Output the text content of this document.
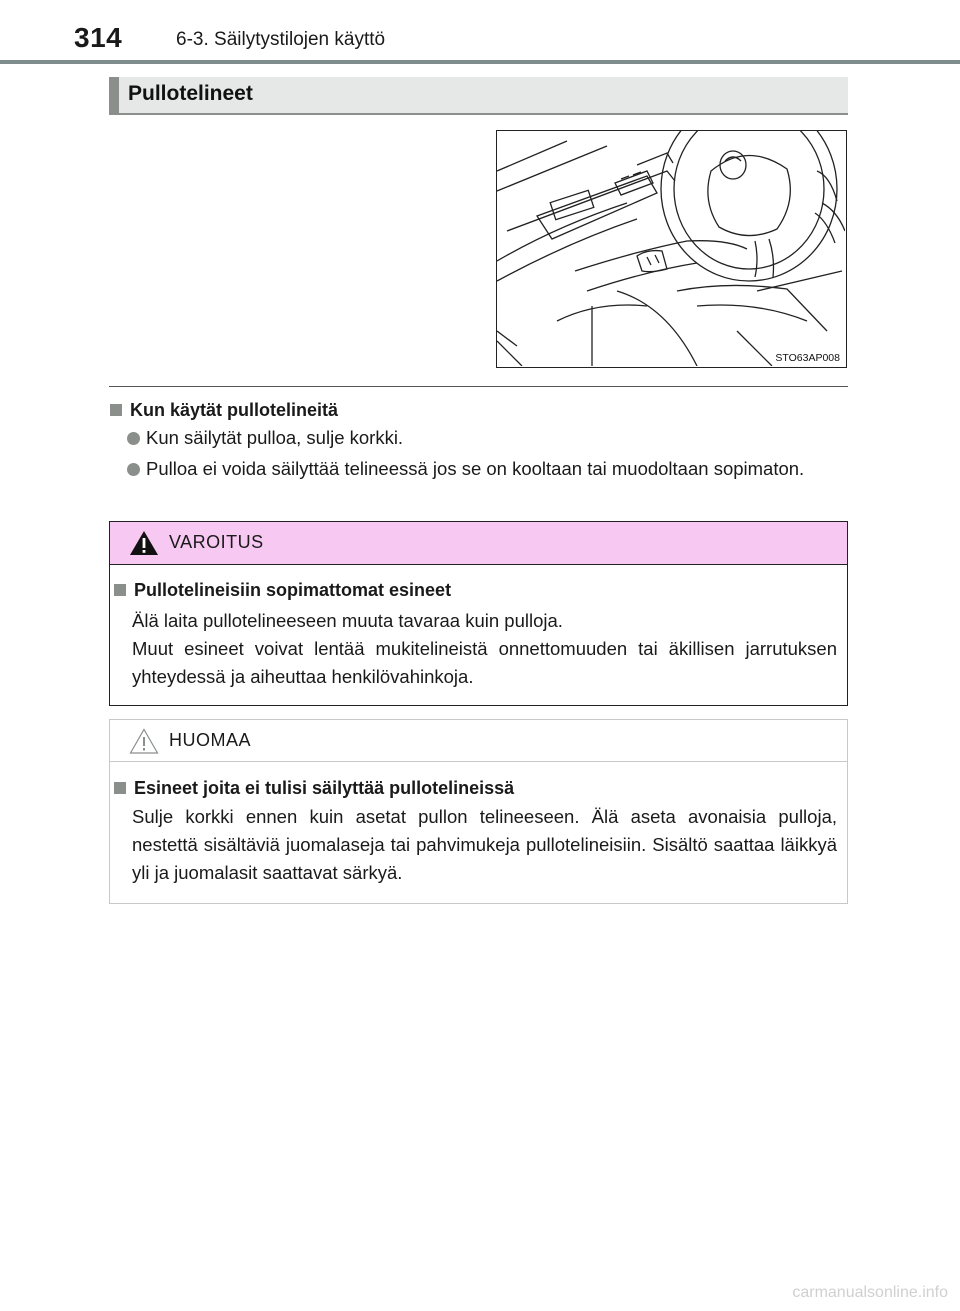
314	6-3. Säilytystilojen käyttö
Pullotelineet
STO63AP008
Kun käytät pullotelineitä
Kun säilytät pulloa, sulje korkki.
Pulloa ei voida säilyttää telineessä jos se on kooltaan tai muodoltaan sopimaton.
VAROITUS
Pullotelineisiin sopimattomat esineet
Älä laita pullotelineeseen muuta tavaraa kuin pulloja.
Muut esineet voivat lentää mukitelineistä onnettomuuden tai äkillisen jarrutuksen yhteydessä ja aiheuttaa henkilövahinkoja.
HUOMAA
Esineet joita ei tulisi säilyttää pullotelineissä
Sulje korkki ennen kuin asetat pullon telineeseen. Älä aseta avonaisia pulloja, nestettä sisältäviä juomalaseja tai pahvimukeja pullotelineisiin. Sisältö saattaa läikkyä yli ja juomalasit saattavat särkyä.
carmanualsonline.info
